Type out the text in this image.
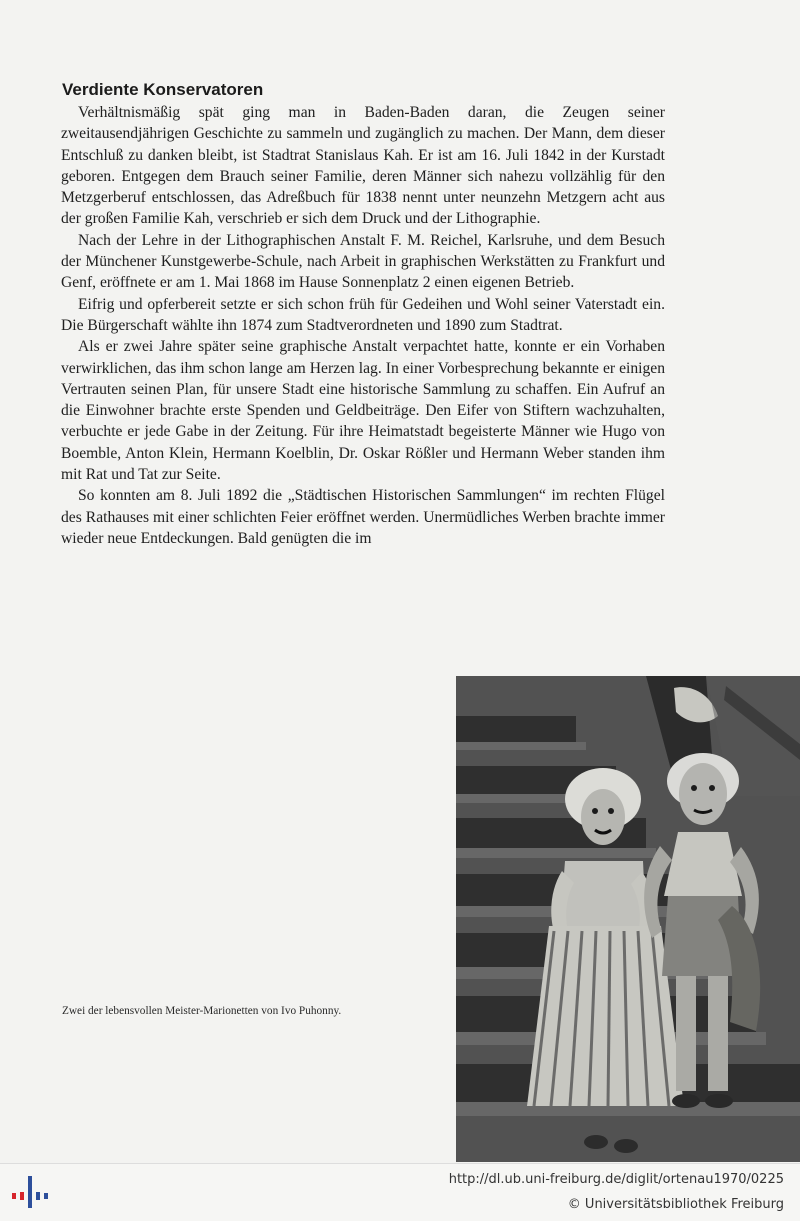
Verdiente Konservatoren

Verhältnismäßig spät ging man in Baden-Baden daran, die Zeugen seiner zweitausendjährigen Geschichte zu sammeln und zugänglich zu machen. Der Mann, dem dieser Entschluß zu danken bleibt, ist Stadtrat Stanislaus Kah. Er ist am 16. Juli 1842 in der Kurstadt geboren. Entgegen dem Brauch seiner Familie, deren Männer sich nahezu vollzählig für den Metzgerberuf entschlossen, das Adreßbuch für 1838 nennt unter neunzehn Metzgern acht aus der großen Familie Kah, verschrieb er sich dem Druck und der Lithographie.

Nach der Lehre in der Lithographischen Anstalt F. M. Reichel, Karlsruhe, und dem Besuch der Münchener Kunstgewerbe-Schule, nach Arbeit in graphischen Werkstätten zu Frankfurt und Genf, eröffnete er am 1. Mai 1868 im Hause Sonnenplatz 2 einen eigenen Betrieb.

Eifrig und opferbereit setzte er sich schon früh für Gedeihen und Wohl seiner Vaterstadt ein. Die Bürgerschaft wählte ihn 1874 zum Stadtverordneten und 1890 zum Stadtrat.

Als er zwei Jahre später seine graphische Anstalt verpachtet hatte, konnte er ein Vorhaben verwirklichen, das ihm schon lange am Herzen lag. In einer Vorbesprechung bekannte er einigen Vertrauten seinen Plan, für unsere Stadt eine historische Sammlung zu schaffen. Ein Aufruf an die Einwohner brachte erste Spenden und Geldbeiträge. Den Eifer von Stiftern wachzuhalten, verbuchte er jede Gabe in der Zeitung. Für ihre Heimatstadt begeisterte Männer wie Hugo von Boemble, Anton Klein, Hermann Koelblin, Dr. Oskar Rößler und Hermann Weber standen ihm mit Rat und Tat zur Seite.

So konnten am 8. Juli 1892 die „Städtischen Historischen Sammlungen“ im rechten Flügel des Rathauses mit einer schlichten Feier eröffnet werden. Unermüdliches Werben brachte immer wieder neue Entdeckungen. Bald genügten die im

Zwei der lebensvollen Meister-Marionetten von Ivo Puhonny.
http://dl.ub.uni-freiburg.de/diglit/ortenau1970/0225
© Universitätsbibliothek Freiburg
